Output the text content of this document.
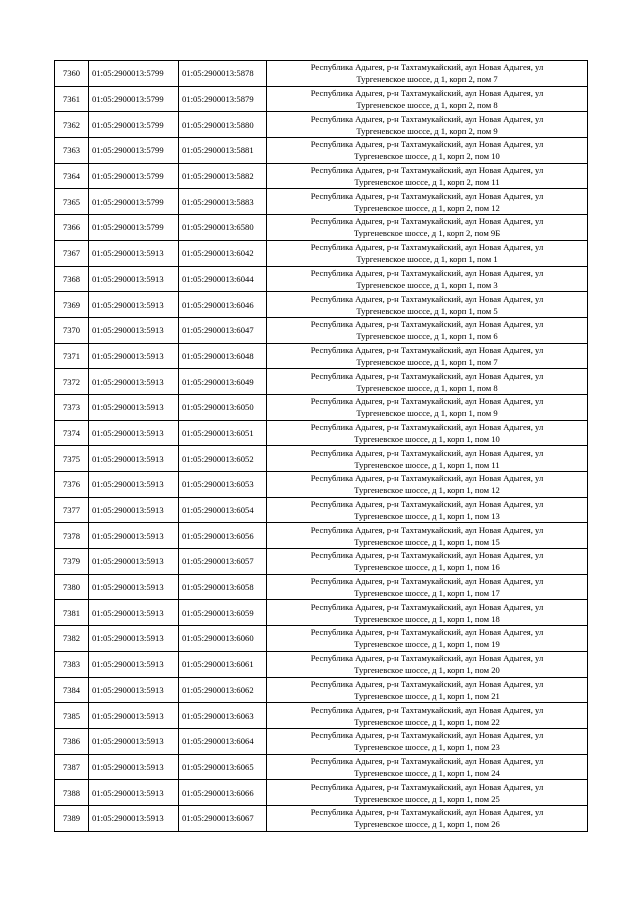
7360	01:05:2900013:5799	01:05:2900013:5878	Республика Адыгея, р-н Тахтамукайский, аул Новая Адыгея, ул
Тургеневское шоссе, д 1, корп 2, пом 7

7361	01:05:2900013:5799	01:05:2900013:5879	Республика Адыгея, р-н Тахтамукайский, аул Новая Адыгея, ул
Тургеневское шоссе, д 1, корп 2, пом 8

7362	01:05:2900013:5799	01:05:2900013:5880	Республика Адыгея, р-н Тахтамукайский, аул Новая Адыгея, ул
Тургеневское шоссе, д 1, корп 2, пом 9

7363	01:05:2900013:5799	01:05:2900013:5881	Республика Адыгея, р-н Тахтамукайский, аул Новая Адыгея, ул
Тургеневское шоссе, д 1, корп 2, пом 10

7364	01:05:2900013:5799	01:05:2900013:5882	Республика Адыгея, р-н Тахтамукайский, аул Новая Адыгея, ул
Тургеневское шоссе, д 1, корп 2, пом 11

7365	01:05:2900013:5799	01:05:2900013:5883	Республика Адыгея, р-н Тахтамукайский, аул Новая Адыгея, ул
Тургеневское шоссе, д 1, корп 2, пом 12

7366	01:05:2900013:5799	01:05:2900013:6580	Республика Адыгея, р-н Тахтамукайский, аул Новая Адыгея, ул
Тургеневское шоссе, д 1, корп 2, пом 9Б

7367	01:05:2900013:5913	01:05:2900013:6042	Республика Адыгея, р-н Тахтамукайский, аул Новая Адыгея, ул
Тургеневское шоссе, д 1, корп 1, пом 1

7368	01:05:2900013:5913	01:05:2900013:6044	Республика Адыгея, р-н Тахтамукайский, аул Новая Адыгея, ул
Тургеневское шоссе, д 1, корп 1, пом 3

7369	01:05:2900013:5913	01:05:2900013:6046	Республика Адыгея, р-н Тахтамукайский, аул Новая Адыгея, ул
Тургеневское шоссе, д 1, корп 1, пом 5

7370	01:05:2900013:5913	01:05:2900013:6047	Республика Адыгея, р-н Тахтамукайский, аул Новая Адыгея, ул
Тургеневское шоссе, д 1, корп 1, пом 6

7371	01:05:2900013:5913	01:05:2900013:6048	Республика Адыгея, р-н Тахтамукайский, аул Новая Адыгея, ул
Тургеневское шоссе, д 1, корп 1, пом 7

7372	01:05:2900013:5913	01:05:2900013:6049	Республика Адыгея, р-н Тахтамукайский, аул Новая Адыгея, ул
Тургеневское шоссе, д 1, корп 1, пом 8

7373	01:05:2900013:5913	01:05:2900013:6050	Республика Адыгея, р-н Тахтамукайский, аул Новая Адыгея, ул
Тургеневское шоссе, д 1, корп 1, пом 9

7374	01:05:2900013:5913	01:05:2900013:6051	Республика Адыгея, р-н Тахтамукайский, аул Новая Адыгея, ул
Тургеневское шоссе, д 1, корп 1, пом 10

7375	01:05:2900013:5913	01:05:2900013:6052	Республика Адыгея, р-н Тахтамукайский, аул Новая Адыгея, ул
Тургеневское шоссе, д 1, корп 1, пом 11

7376	01:05:2900013:5913	01:05:2900013:6053	Республика Адыгея, р-н Тахтамукайский, аул Новая Адыгея, ул
Тургеневское шоссе, д 1, корп 1, пом 12

7377	01:05:2900013:5913	01:05:2900013:6054	Республика Адыгея, р-н Тахтамукайский, аул Новая Адыгея, ул
Тургеневское шоссе, д 1, корп 1, пом 13

7378	01:05:2900013:5913	01:05:2900013:6056	Республика Адыгея, р-н Тахтамукайский, аул Новая Адыгея, ул
Тургеневское шоссе, д 1, корп 1, пом 15

7379	01:05:2900013:5913	01:05:2900013:6057	Республика Адыгея, р-н Тахтамукайский, аул Новая Адыгея, ул
Тургеневское шоссе, д 1, корп 1, пом 16

7380	01:05:2900013:5913	01:05:2900013:6058	Республика Адыгея, р-н Тахтамукайский, аул Новая Адыгея, ул
Тургеневское шоссе, д 1, корп 1, пом 17

7381	01:05:2900013:5913	01:05:2900013:6059	Республика Адыгея, р-н Тахтамукайский, аул Новая Адыгея, ул
Тургеневское шоссе, д 1, корп 1, пом 18

7382	01:05:2900013:5913	01:05:2900013:6060	Республика Адыгея, р-н Тахтамукайский, аул Новая Адыгея, ул
Тургеневское шоссе, д 1, корп 1, пом 19

7383	01:05:2900013:5913	01:05:2900013:6061	Республика Адыгея, р-н Тахтамукайский, аул Новая Адыгея, ул
Тургеневское шоссе, д 1, корп 1, пом 20

7384	01:05:2900013:5913	01:05:2900013:6062	Республика Адыгея, р-н Тахтамукайский, аул Новая Адыгея, ул
Тургеневское шоссе, д 1, корп 1, пом 21

7385	01:05:2900013:5913	01:05:2900013:6063	Республика Адыгея, р-н Тахтамукайский, аул Новая Адыгея, ул
Тургеневское шоссе, д 1, корп 1, пом 22

7386	01:05:2900013:5913	01:05:2900013:6064	Республика Адыгея, р-н Тахтамукайский, аул Новая Адыгея, ул
Тургеневское шоссе, д 1, корп 1, пом 23

7387	01:05:2900013:5913	01:05:2900013:6065	Республика Адыгея, р-н Тахтамукайский, аул Новая Адыгея, ул
Тургеневское шоссе, д 1, корп 1, пом 24

7388	01:05:2900013:5913	01:05:2900013:6066	Республика Адыгея, р-н Тахтамукайский, аул Новая Адыгея, ул
Тургеневское шоссе, д 1, корп 1, пом 25

7389	01:05:2900013:5913	01:05:2900013:6067	Республика Адыгея, р-н Тахтамукайский, аул Новая Адыгея, ул
Тургеневское шоссе, д 1, корп 1, пом 26
